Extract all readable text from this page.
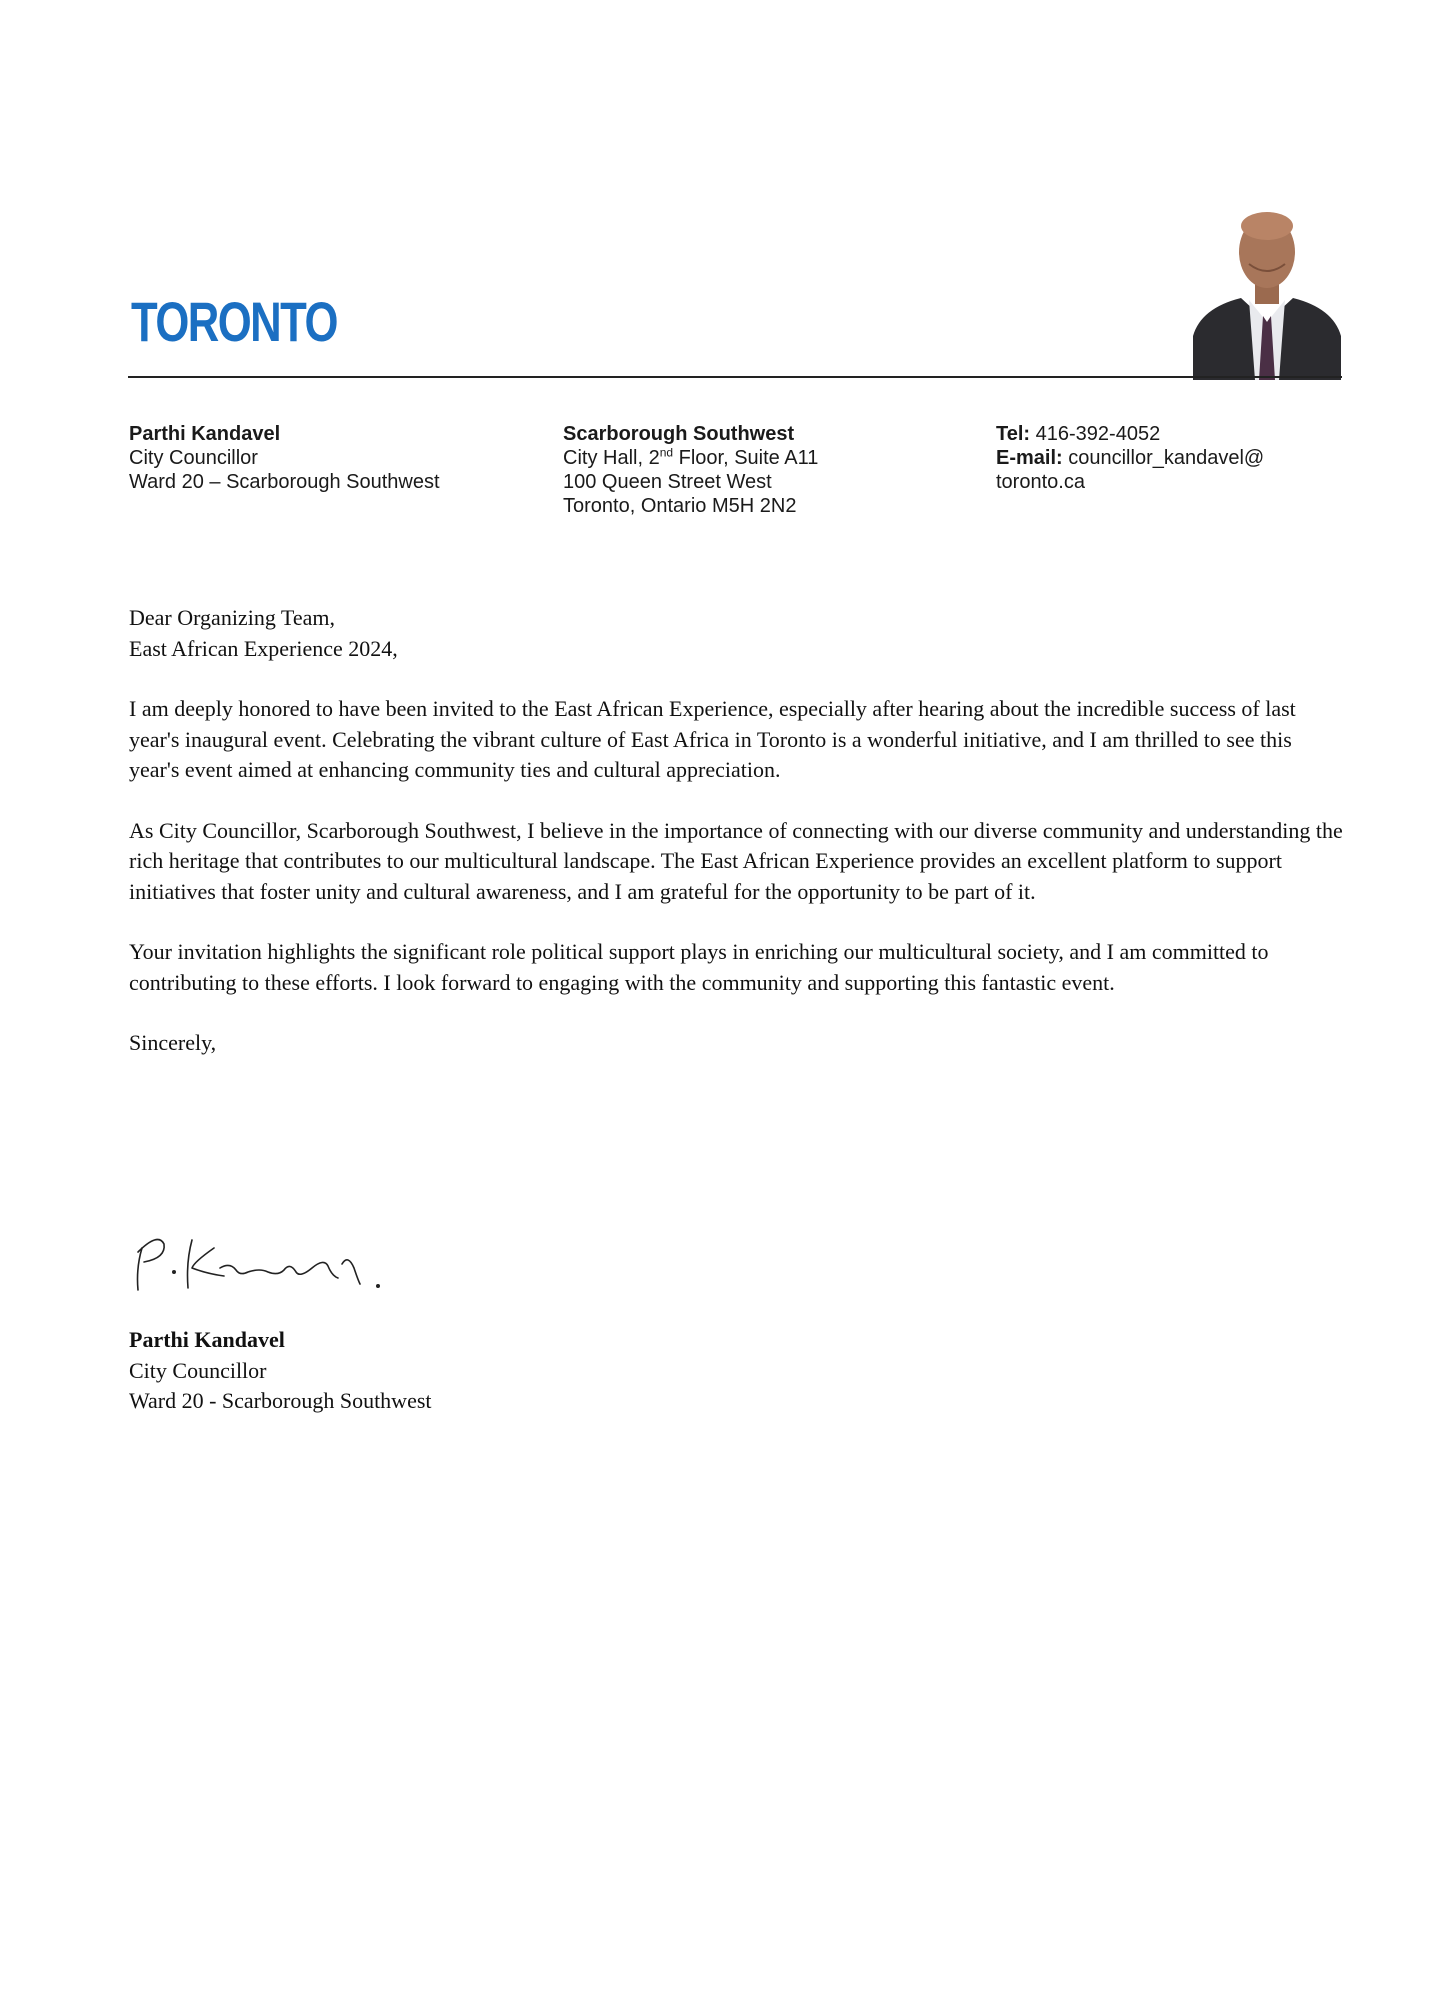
TORONTO
Parthi Kandavel
City Councillor
Ward 20 – Scarborough Southwest
Scarborough Southwest
City Hall, 2nd Floor, Suite A11
100 Queen Street West
Toronto, Ontario M5H 2N2
Tel: 416-392-4052
E-mail: councillor_kandavel@
toronto.ca

Dear Organizing Team,
East African Experience 2024,

I am deeply honored to have been invited to the East African Experience, especially after hearing about the incredible success of last year's inaugural event. Celebrating the vibrant culture of East Africa in Toronto is a wonderful initiative, and I am thrilled to see this year's event aimed at enhancing community ties and cultural appreciation.

As City Councillor, Scarborough Southwest, I believe in the importance of connecting with our diverse community and understanding the rich heritage that contributes to our multicultural landscape. The East African Experience provides an excellent platform to support initiatives that foster unity and cultural awareness, and I am grateful for the opportunity to be part of it.

Your invitation highlights the significant role political support plays in enriching our multicultural society, and I am committed to contributing to these efforts. I look forward to engaging with the community and supporting this fantastic event.

Sincerely,

Parthi Kandavel
City Councillor
Ward 20 - Scarborough Southwest
